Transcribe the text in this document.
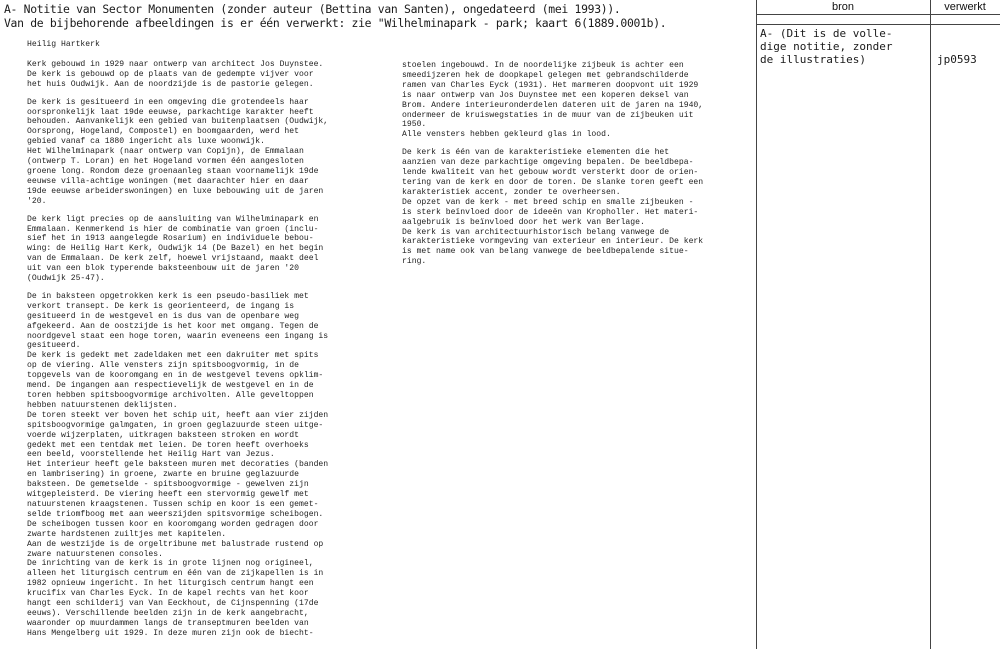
bron	verwerkt
A- Notitie van Sector Monumenten (zonder auteur (Bettina van Santen), ongedateerd (mei 1993)).
Van de bijbehorende afbeeldingen is er één verwerkt: zie "Wilhelminapark - park; kaart 6(1889.0001b).

Heilig Hartkerk

Kerk gebouwd in 1929 naar ontwerp van architect Jos Duynstee.
De kerk is gebouwd op de plaats van de gedempte vijver voor
het huis Oudwijk. Aan de noordzijde is de pastorie gelegen.

De kerk is gesitueerd in een omgeving die grotendeels haar
oorspronkelijk laat 19de eeuwse, parkachtige karakter heeft
behouden. Aanvankelijk een gebied van buitenplaatsen (Oudwijk,
Oorsprong, Hogeland, Compostel) en boomgaarden, werd het
gebied vanaf ca 1880 ingericht als luxe woonwijk.
Het Wilhelminapark (naar ontwerp van Copijn), de Emmalaan
(ontwerp T. Loran) en het Hogeland vormen één aangesloten
groene long. Rondom deze groenaanleg staan voornamelijk 19de
eeuwse villa-achtige woningen (met daarachter hier en daar
19de eeuwse arbeiderswoningen) en luxe bebouwing uit de jaren
'20.

De kerk ligt precies op de aansluiting van Wilhelminapark en
Emmalaan. Kenmerkend is hier de combinatie van groen (inclu-
sief het in 1913 aangelegde Rosarium) en individuele bebou-
wing: de Heilig Hart Kerk, Oudwijk 14 (De Bazel) en het begin
van de Emmalaan. De kerk zelf, hoewel vrijstaand, maakt deel
uit van een blok typerende baksteenbouw uit de jaren '20
(Oudwijk 25-47).

De in baksteen opgetrokken kerk is een pseudo-basiliek met
verkort transept. De kerk is georienteerd, de ingang is
gesitueerd in de westgevel en is dus van de openbare weg
afgekeerd. Aan de oostzijde is het koor met omgang. Tegen de
noordgevel staat een hoge toren, waarin eveneens een ingang is
gesitueerd.
De kerk is gedekt met zadeldaken met een dakruiter met spits
op de viering. Alle vensters zijn spitsboogvormig, in de
topgevels van de kooromgang en in de westgevel tevens opklim-
mend. De ingangen aan respectievelijk de westgevel en in de
toren hebben spitsboogvormige archivolten. Alle geveltoppen
hebben natuurstenen deklijsten.
De toren steekt ver boven het schip uit, heeft aan vier zijden
spitsboogvormige galmgaten, in groen geglazuurde steen uitge-
voerde wijzerplaten, uitkragen baksteen stroken en wordt
gedekt met een tentdak met leien. De toren heeft overhoeks
een beeld, voorstellende het Heilig Hart van Jezus.
Het interieur heeft gele baksteen muren met decoraties (banden
en lambrisering) in groene, zwarte en bruine geglazuurde
baksteen. De gemetselde - spitsboogvormige - gewelven zijn
witgepleisterd. De viering heeft een stervormig gewelf met
natuurstenen kraagstenen. Tussen schip en koor is een gemet-
selde triomfboog met aan weerszijden spitsvormige scheibogen.
De scheibogen tussen koor en kooromgang worden gedragen door
zwarte hardstenen zuiltjes met kapitelen.
Aan de westzijde is de orgeltribune met balustrade rustend op
zware natuurstenen consoles.
De inrichting van de kerk is in grote lijnen nog origineel,
alleen het liturgisch centrum en één van de zijkapellen is in
1982 opnieuw ingericht. In het liturgisch centrum hangt een
krucifix van Charles Eyck. In de kapel rechts van het koor
hangt een schilderij van Van Eeckhout, de Cijnspenning (17de
eeuws). Verschillende beelden zijn in de kerk aangebracht,
waaronder op muurdammen langs de transeptmuren beelden van
Hans Mengelberg uit 1929. In deze muren zijn ook de biecht-

stoelen ingebouwd. In de noordelijke zijbeuk is achter een
smeedijzeren hek de doopkapel gelegen met gebrandschilderde
ramen van Charles Eyck (1931). Het marmeren doopvont uit 1929
is naar ontwerp van Jos Duynstee met een koperen deksel van
Brom. Andere interieuronderdelen dateren uit de jaren na 1940,
ondermeer de kruiswegstaties in de muur van de zijbeuken uit
1950.
Alle vensters hebben gekleurd glas in lood.

De kerk is één van de karakteristieke elementen die het
aanzien van deze parkachtige omgeving bepalen. De beeldbepa-
lende kwaliteit van het gebouw wordt versterkt door de orien-
tering van de kerk en door de toren. De slanke toren geeft een
karakteristiek accent, zonder te overheersen.
De opzet van de kerk - met breed schip en smalle zijbeuken -
is sterk beïnvloed door de ideeën van Kropholler. Het materi-
aalgebruik is beïnvloed door het werk van Berlage.
De kerk is van architectuurhistorisch belang vanwege de
karakteristieke vormgeving van exterieur en interieur. De kerk
is met name ook van belang vanwege de beeldbepalende situe-
ring.

A- (Dit is de volle-
dige notitie, zonder
de illustraties)	jp0593
